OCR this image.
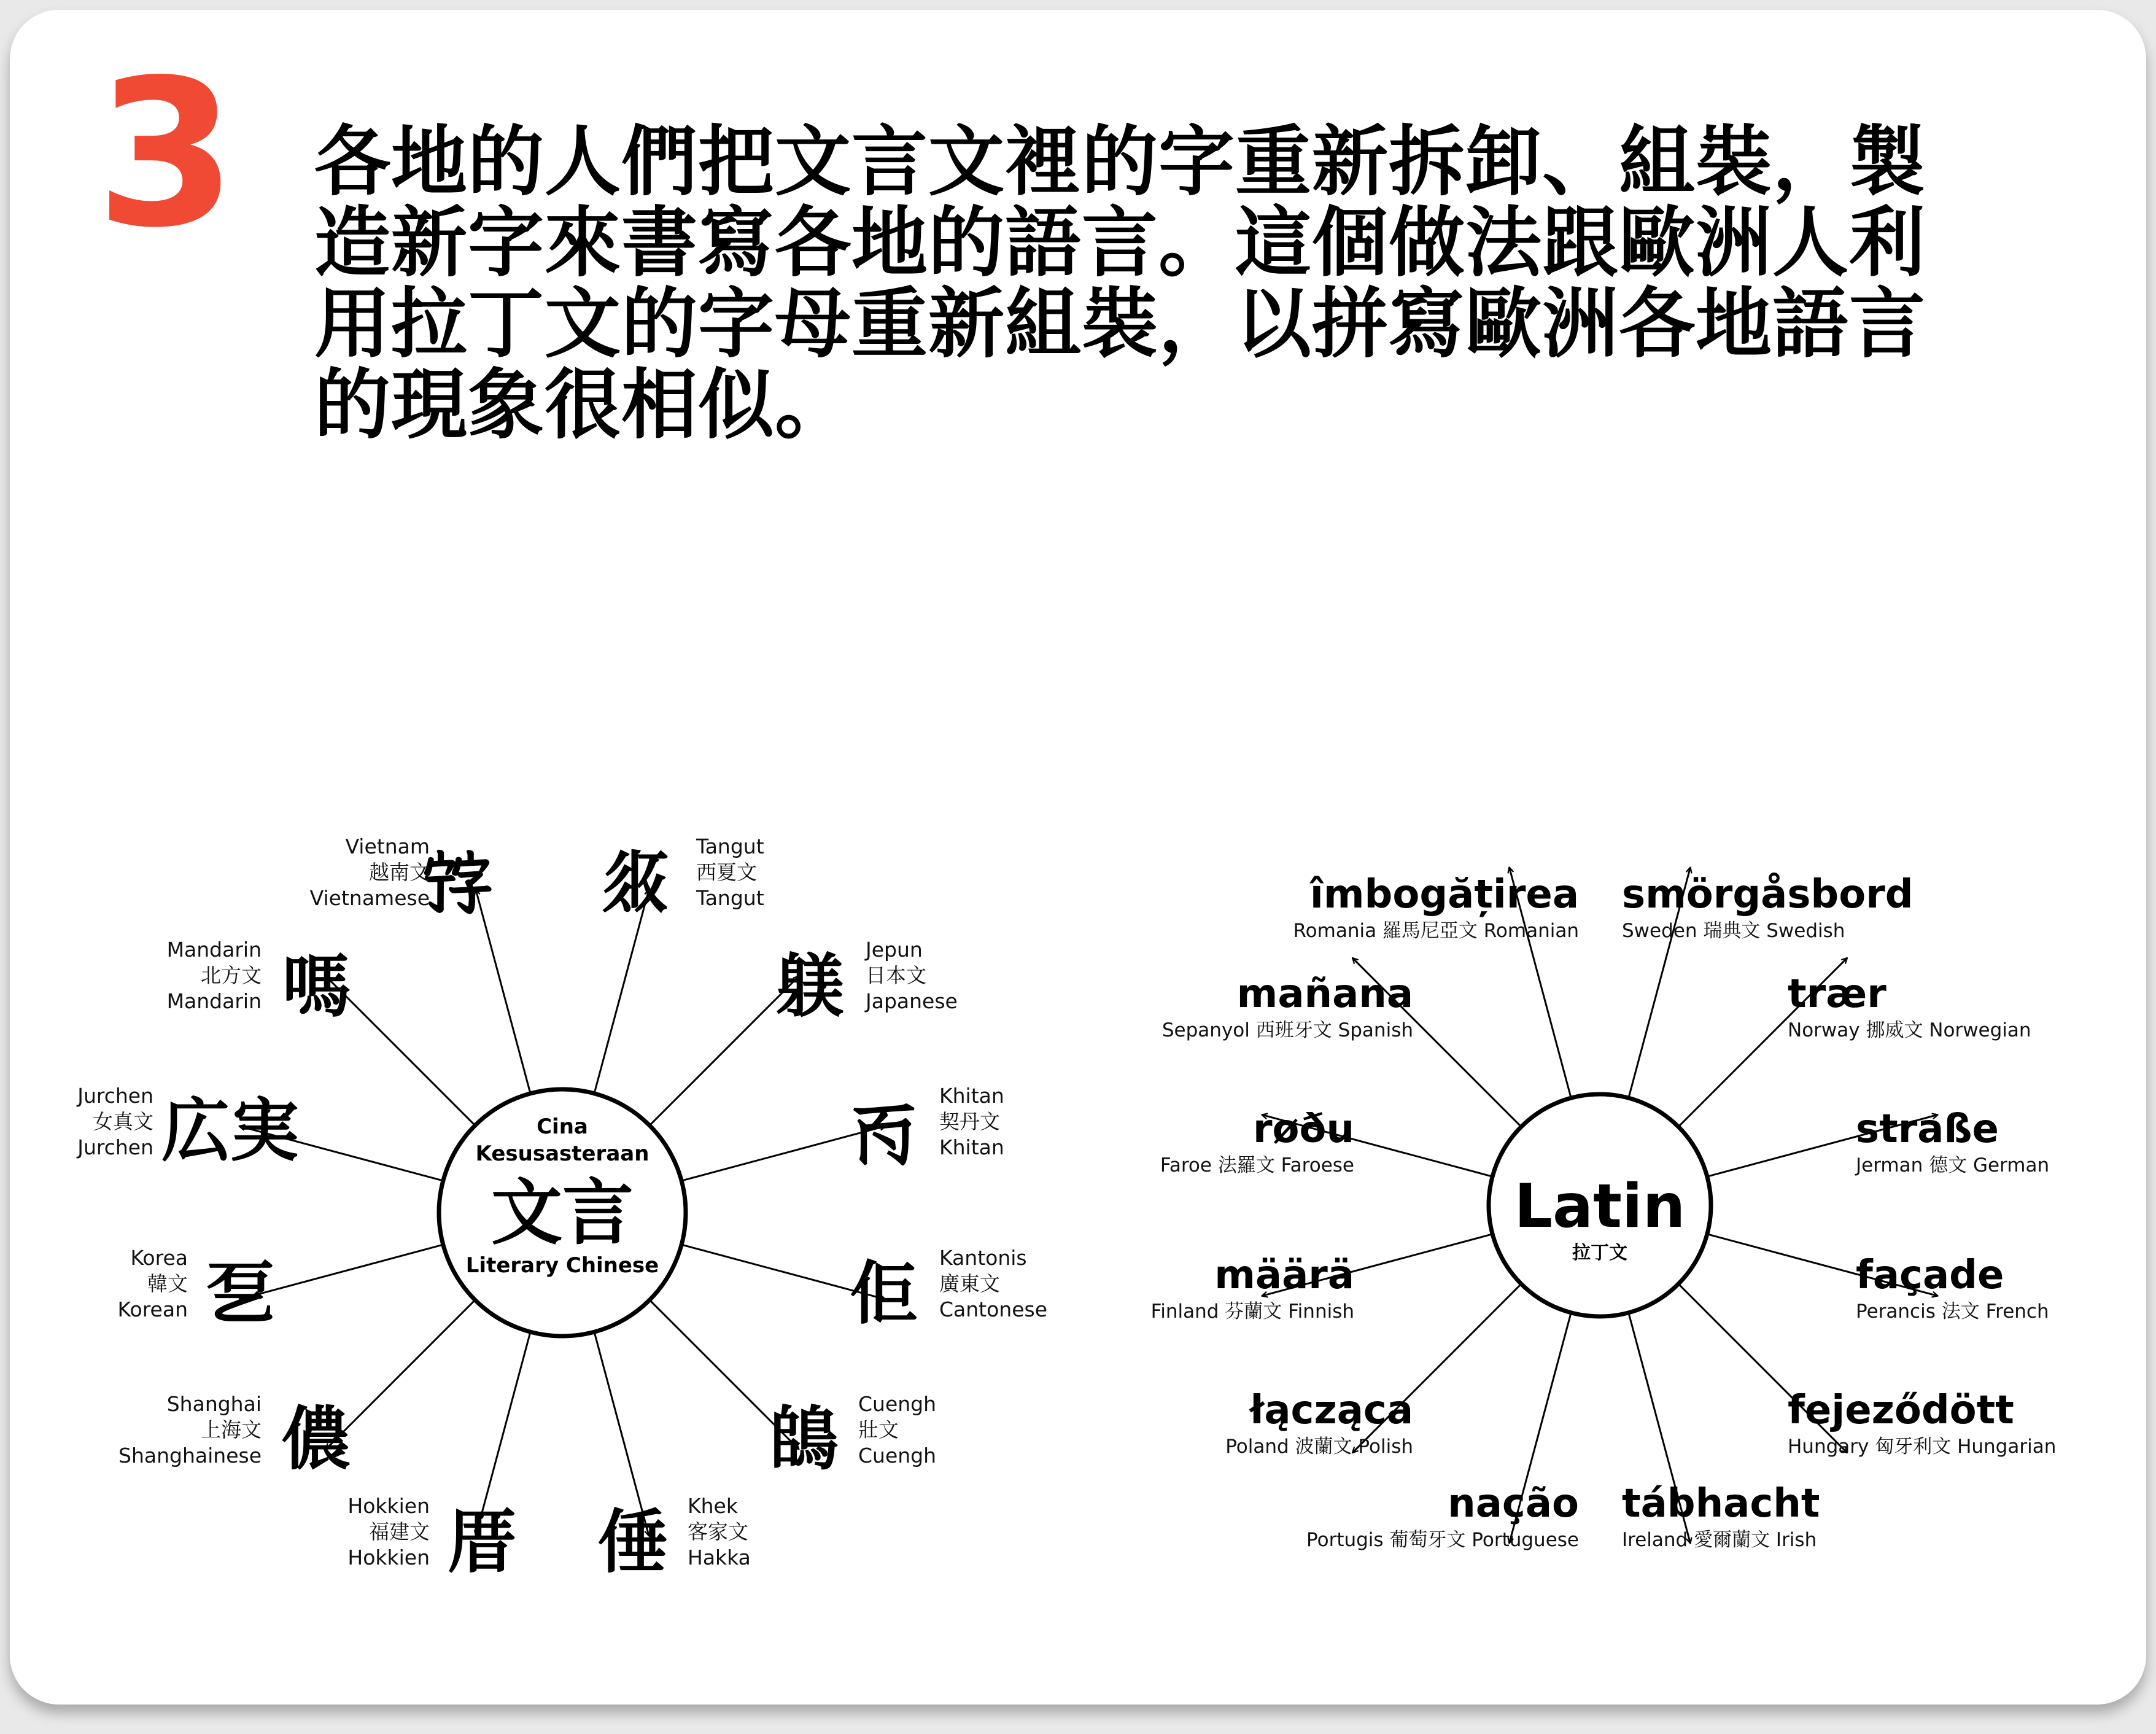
3 各地的人們把文言文裡的字重新拆卸、組裝，製造新字來書寫各地的語言。這個做法跟歐洲人利用拉丁文的字母重新組裝，以拼寫歐洲各地語言的現象很相似。

Cina
Kesusasteraan
文言
Literary Chinese
𡨸
Vietnam
越南文
Vietnamese 𗼇 Tangut
西夏文
Tangut
躾 Jepun
日本文
Japanese
𘬝
Khitan
契丹文
Khitan
佢 Kantonis
廣東文
Cantonese
鴭 Cuengh
壯文
Cuengh
倕 Khek
客家文
Hakka
厝
Hokkien
福建文
Hokkien
儂
Shanghai
上海文
Shanghainese
乭
Korea
韓文
Korean
広実
Jurchen
女真文
Jurchen
嗎
Mandarin
北方文
Mandarin
Latin
拉丁文
smörgåsbord
Sweden 瑞典文 Swedish
trær
Norway 挪威文 Norwegian
straße
Jerman 德文 German
façade
Perancis 法文 French
fejeződött
Hungary 匈牙利文 Hungarian
tábhacht
Ireland 愛爾蘭文 Irish
nação
Portugis 葡萄牙文 Portuguese
łącząca
Poland 波蘭文 Polish
määrä
Finland 芬蘭文 Finnish
røðu
Faroe 法羅文 Faroese
mañana
Sepanyol 西班牙文 Spanish
îmbogățirea
Romania 羅馬尼亞文 Romanian
